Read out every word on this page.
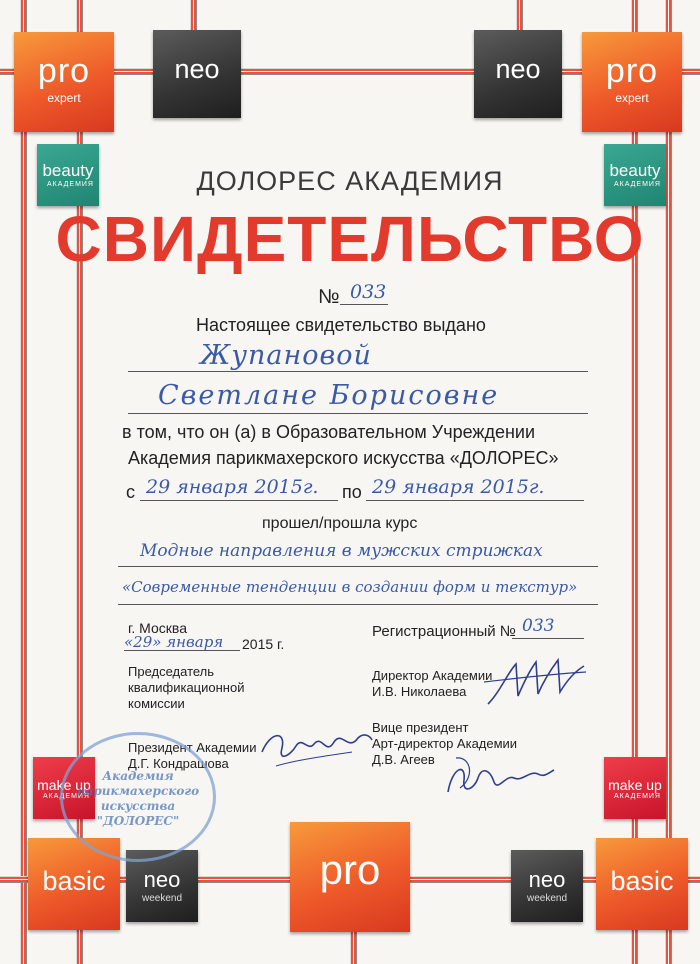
pro
expert
neo	neo	pro
expert
beauty
АКАДЕМИЯ
beauty
АКАДЕМИЯ
make up
АКАДЕМИЯ
make up
АКАДЕМИЯ
basic	neo
weekend
pro	neo
weekend
basic
ДОЛОРЕС АКАДЕМИЯ
СВИДЕТЕЛЬСТВО
№ 033
Настоящее свидетельство выдано
Жупановой
Светлане Борисовне
в том, что он (а) в Образовательном Учреждении
Академия парикмахерского искусства «ДОЛОРЕС»
с 29 января 2015г. по 29 января 2015г.
прошел/прошла курс
Модные направления в мужских стрижках
«Современные тенденции в создании форм и текстур»
г. Москва
«29» января 2015 г.
Регистрационный № 033
Председатель
квалификационной
комиссии
Директор Академии
И.В. Николаева
Вице президент
Арт-директор Академии
Д.В. Агеев
Президент Академии
Д.Г. Кондрашова
Академия
парикмахерского
искусства
"ДОЛОРЕС"
